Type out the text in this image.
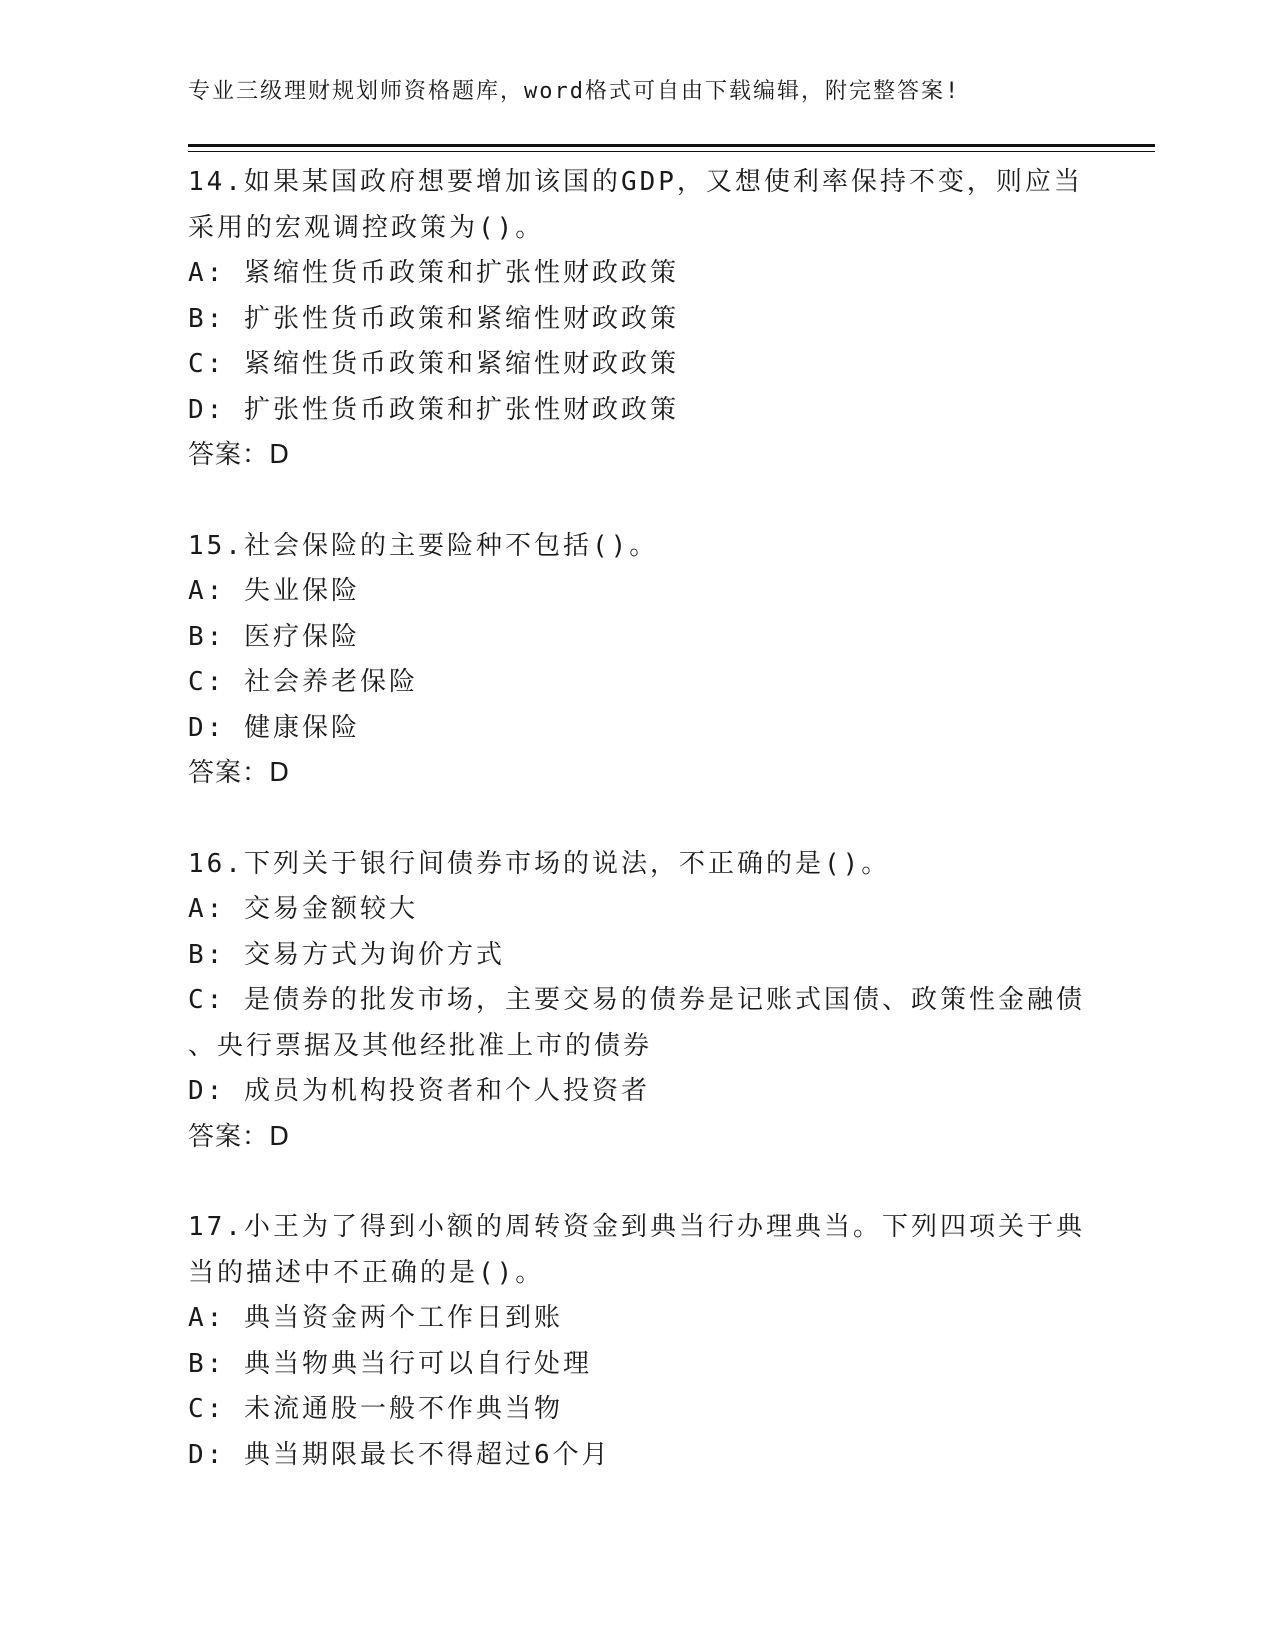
专业三级理财规划师资格题库，word格式可自由下载编辑，附完整答案!
14.如果某国政府想要增加该国的GDP，又想使利率保持不变，则应当
采用的宏观调控政策为()。
A: 紧缩性货币政策和扩张性财政政策
B: 扩张性货币政策和紧缩性财政政策
C: 紧缩性货币政策和紧缩性财政政策
D: 扩张性货币政策和扩张性财政政策
答案：D
15.社会保险的主要险种不包括()。
A: 失业保险
B: 医疗保险
C: 社会养老保险
D: 健康保险
答案：D
16.下列关于银行间债券市场的说法，不正确的是()。
A: 交易金额较大
B: 交易方式为询价方式
C: 是债券的批发市场，主要交易的债券是记账式国债、政策性金融债
、央行票据及其他经批准上市的债券
D: 成员为机构投资者和个人投资者
答案：D
17.小王为了得到小额的周转资金到典当行办理典当。下列四项关于典
当的描述中不正确的是()。
A: 典当资金两个工作日到账
B: 典当物典当行可以自行处理
C: 未流通股一般不作典当物
D: 典当期限最长不得超过6个月
